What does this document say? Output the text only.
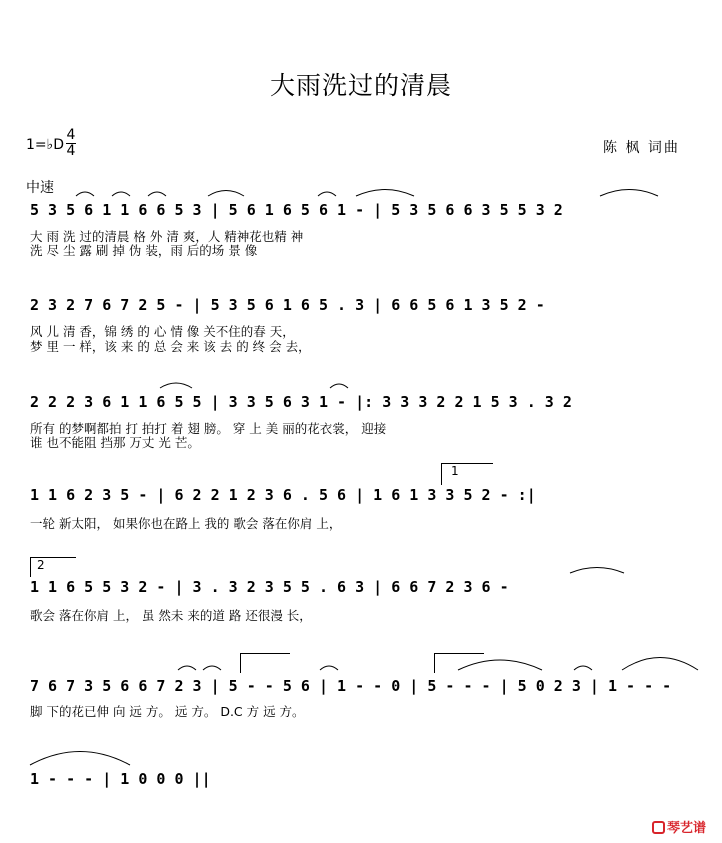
大雨洗过的清晨
1=♭D
4
4	陈 枫 词曲
中速
5 3 5 6 1 1 6 6 5 3 | 5 6 1 6 5 6 1 - | 5 3 5 6 6 3 5 5 3 2
大 雨 洗 过的清晨 格 外 清 爽，人 精神花也精 神
洗 尽 尘 露 刷 掉 伪 装，雨 后的场 景 像
2 3 2 7 6 7 2 5 - | 5 3 5 6 1 6 5 . 3 | 6 6 5 6 1 3 5 2 -
风 儿 清 香，锦 绣 的 心 情 像 关不住的春 天，
梦 里 一 样，该 来 的 总 会 来 该 去 的 终 会 去，
2 2 2 3 6 1 1 6 5 5 | 3 3 5 6 3 1 - |: 3 3 3 2 2 1 5 3 . 3 2
所有 的梦啊都拍 打 拍打 着 翅 膀。 穿 上 美 丽的花衣裳， 迎接
谁 也不能阻 挡那 万丈 光 芒。
1 1 6 2 3 5 - | 6 2 2 1 2 3 6 . 5 6 | 1 6 1 3 3 5 2 - :|
一轮 新太阳， 如果你也在路上 我的 歌会 落在你肩 上，
1 1 6 5 5 3 2 - | 3 . 3 2 3 5 5 . 6 3 | 6 6 7 2 3 6 -
歌会 落在你肩 上， 虽 然未 来的道 路 还很漫 长，
7 6 7 3 5 6 6 7 2 3 | 5 - - 5 6 | 1 - - 0 | 5 - - - | 5 0 2 3 | 1 - - -
脚 下的花已伸 向 远 方。 远 方。 D.C 方 远 方。
1 - - - | 1 0 0 0 ||
1
2
琴艺谱
